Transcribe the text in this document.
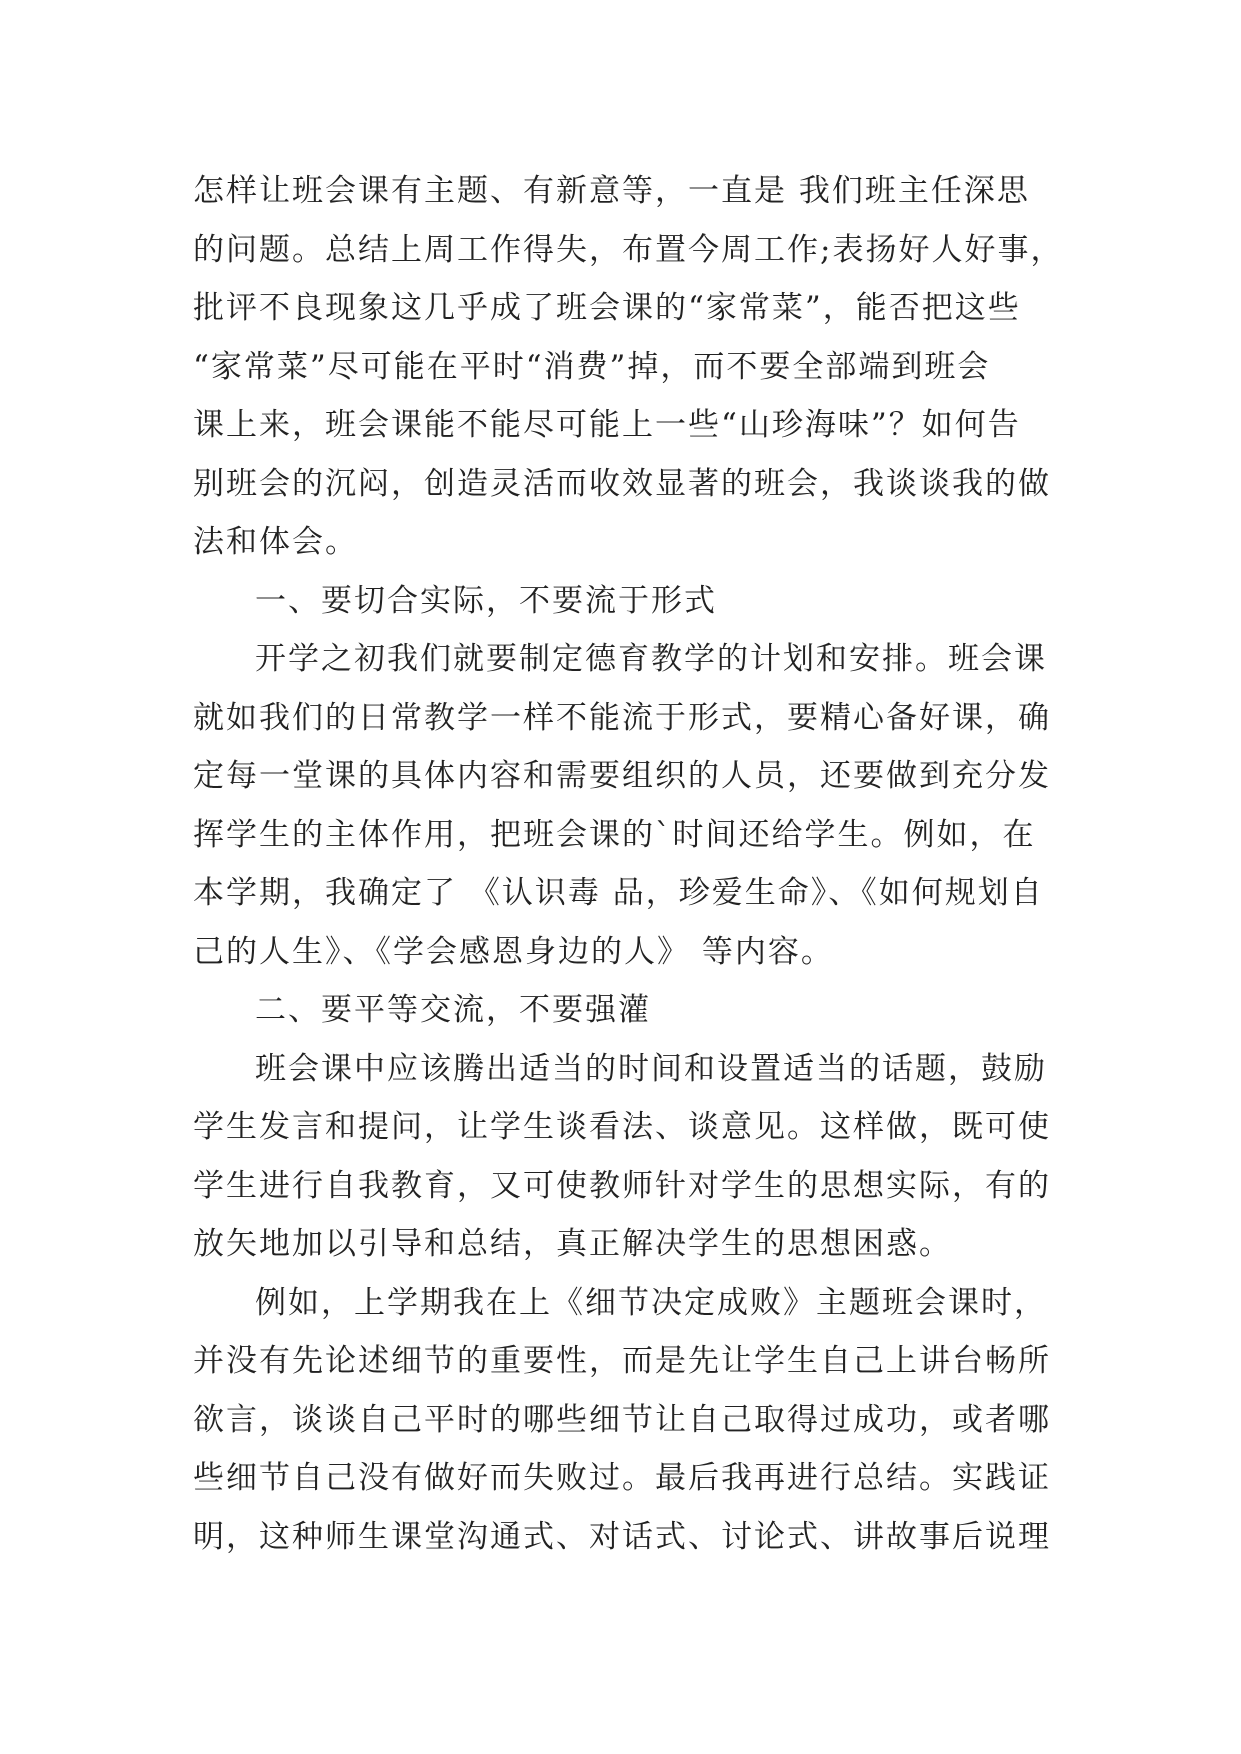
怎样让班会课有主题、有新意等，一直是 我们班主任深思
的问题。总结上周工作得失，布置今周工作;表扬好人好事，
批评不良现象这几乎成了班会课的“家常菜”，能否把这些
“家常菜”尽可能在平时“消费”掉，而不要全部端到班会
课上来，班会课能不能尽可能上一些“山珍海味”？如何告
别班会的沉闷，创造灵活而收效显著的班会，我谈谈我的做
法和体会。
一、要切合实际，不要流于形式
开学之初我们就要制定德育教学的计划和安排。班会课
就如我们的日常教学一样不能流于形式，要精心备好课，确
定每一堂课的具体内容和需要组织的人员，还要做到充分发
挥学生的主体作用，把班会课的`时间还给学生。例如，在
本学期，我确定了 《认识毒 品，珍爱生命》、《如何规划自
己的人生》、《学会感恩身边的人》 等内容。
二、要平等交流，不要强灌
班会课中应该腾出适当的时间和设置适当的话题，鼓励
学生发言和提问，让学生谈看法、谈意见。这样做，既可使
学生进行自我教育，又可使教师针对学生的思想实际，有的
放矢地加以引导和总结，真正解决学生的思想困惑。
例如，上学期我在上《细节决定成败》主题班会课时，
并没有先论述细节的重要性，而是先让学生自己上讲台畅所
欲言，谈谈自己平时的哪些细节让自己取得过成功，或者哪
些细节自己没有做好而失败过。最后我再进行总结。实践证
明，这种师生课堂沟通式、对话式、讨论式、讲故事后说理
